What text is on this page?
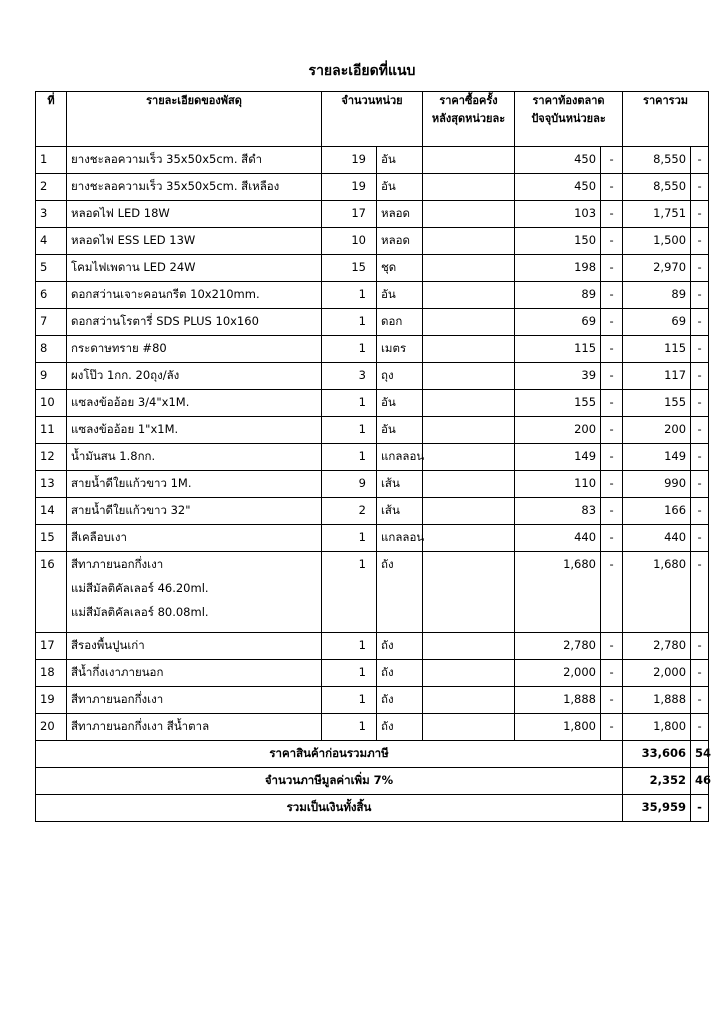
รายละเอียดที่แนบ
ที่	รายละเอียดของพัสดุ	จำนวนหน่วย		ราคาซื้อครั้ง
หลังสุดหน่วยละ	ราคาท้องตลาด
ปัจจุบันหน่วยละ		ราคารวม	
1	ยางชะลอความเร็ว 35x50x5cm. สีดำ	19	อัน		450	-	8,550	-
2	ยางชะลอความเร็ว 35x50x5cm. สีเหลือง	19	อัน		450	-	8,550	-
3	หลอดไฟ LED 18W	17	หลอด		103	-	1,751	-
4	หลอดไฟ ESS LED 13W	10	หลอด		150	-	1,500	-
5	โคมไฟเพดาน LED 24W	15	ชุด		198	-	2,970	-
6	ดอกสว่านเจาะคอนกรีต 10x210mm.	1	อัน		89	-	89	-
7	ดอกสว่านโรตารี่ SDS PLUS 10x160	1	ดอก		69	-	69	-
8	กระดาษทราย #80	1	เมตร		115	-	115	-
9	ผงโป๊ว 1กก. 20ถุง/ลัง	3	ถุง		39	-	117	-
10	แซลงข้ออ้อย 3/4"x1M.	1	อัน		155	-	155	-
11	แซลงข้ออ้อย 1"x1M.	1	อัน		200	-	200	-
12	น้ำมันสน 1.8กก.	1	แกลลอน		149	-	149	-
13	สายน้ำดีใยแก้วขาว 1M.	9	เส้น		110	-	990	-
14	สายน้ำดีใยแก้วขาว 32"	2	เส้น		83	-	166	-
15	สีเคลือบเงา	1	แกลลอน		440	-	440	-
16	สีทาภายนอกกึ่งเงา
แม่สีมัลติคัลเลอร์ 46.20ml.
แม่สีมัลติคัลเลอร์ 80.08ml.	1	ถัง		1,680	-	1,680	-
17	สีรองพื้นปูนเก่า	1	ถัง		2,780	-	2,780	-
18	สีน้ำกึ่งเงาภายนอก	1	ถัง		2,000	-	2,000	-
19	สีทาภายนอกกึ่งเงา	1	ถัง		1,888	-	1,888	-
20	สีทาภายนอกกึ่งเงา สีน้ำตาล	1	ถัง		1,800	-	1,800	-
ราคาสินค้าก่อนรวมภาษี							33,606	54
จำนวนภาษีมูลค่าเพิ่ม 7%							2,352	46
รวมเป็นเงินทั้งสิ้น							35,959	-
